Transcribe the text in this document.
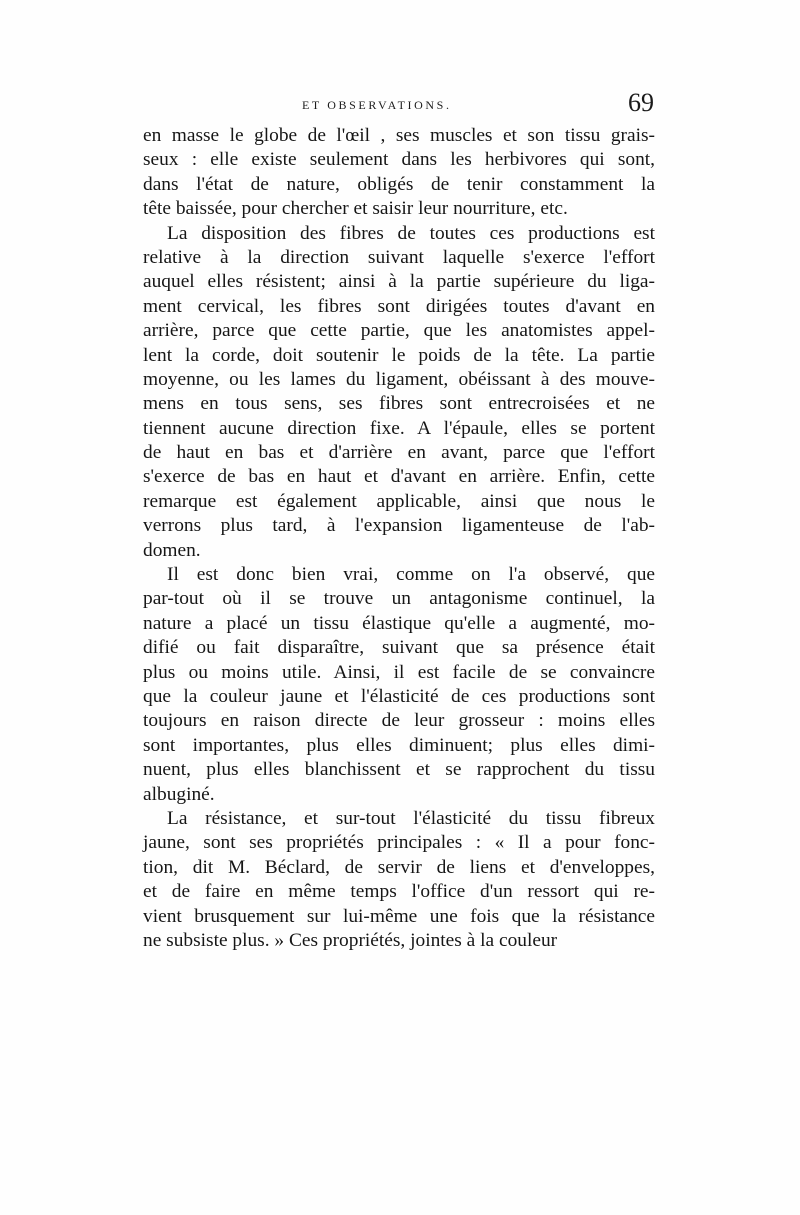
ET OBSERVATIONS.	69
en masse le globe de l'œil , ses muscles et son tissu grais-
seux : elle existe seulement dans les herbivores qui sont,
dans l'état de nature, obligés de tenir constamment la
tête baissée, pour chercher et saisir leur nourriture, etc.
La disposition des fibres de toutes ces productions est
relative à la direction suivant laquelle s'exerce l'effort
auquel elles résistent; ainsi à la partie supérieure du liga-
ment cervical, les fibres sont dirigées toutes d'avant en
arrière, parce que cette partie, que les anatomistes appel-
lent la corde, doit soutenir le poids de la tête. La partie
moyenne, ou les lames du ligament, obéissant à des mouve-
mens en tous sens, ses fibres sont entrecroisées et ne
tiennent aucune direction fixe. A l'épaule, elles se portent
de haut en bas et d'arrière en avant, parce que l'effort
s'exerce de bas en haut et d'avant en arrière. Enfin, cette
remarque est également applicable, ainsi que nous le
verrons plus tard, à l'expansion ligamenteuse de l'ab-
domen.
Il est donc bien vrai, comme on l'a observé, que
par-tout où il se trouve un antagonisme continuel, la
nature a placé un tissu élastique qu'elle a augmenté, mo-
difié ou fait disparaître, suivant que sa présence était
plus ou moins utile. Ainsi, il est facile de se convaincre
que la couleur jaune et l'élasticité de ces productions sont
toujours en raison directe de leur grosseur : moins elles
sont importantes, plus elles diminuent; plus elles dimi-
nuent, plus elles blanchissent et se rapprochent du tissu
albuginé.
La résistance, et sur-tout l'élasticité du tissu fibreux
jaune, sont ses propriétés principales : « Il a pour fonc-
tion, dit M. Béclard, de servir de liens et d'enveloppes,
et de faire en même temps l'office d'un ressort qui re-
vient brusquement sur lui-même une fois que la résistance
ne subsiste plus. » Ces propriétés, jointes à la couleur
